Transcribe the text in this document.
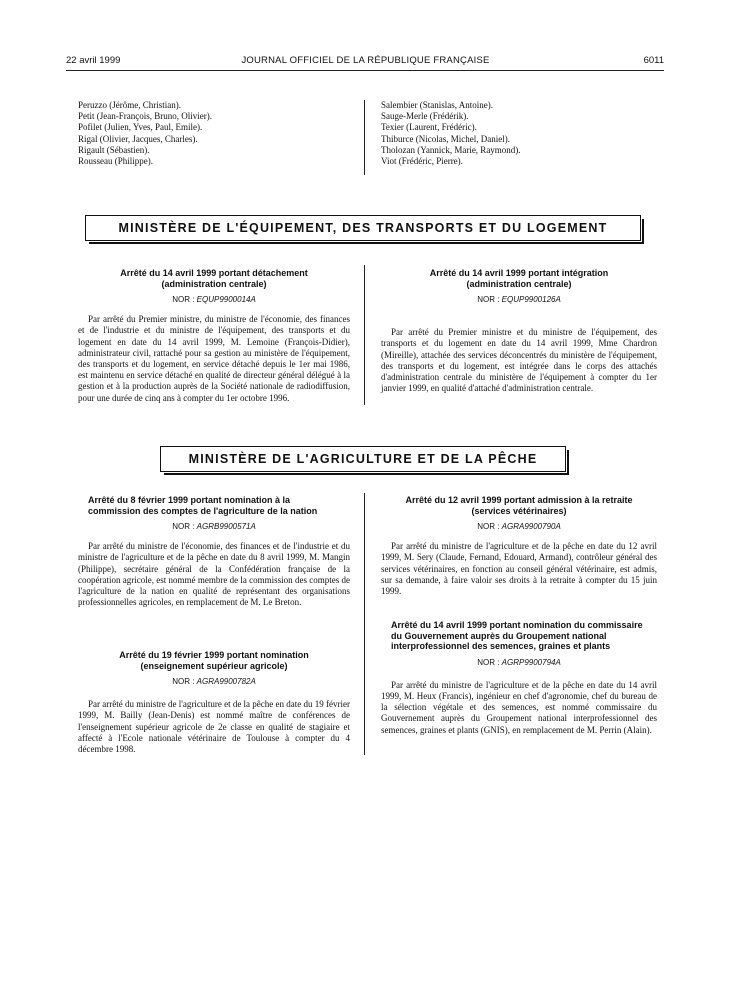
22 avril 1999	JOURNAL OFFICIEL DE LA RÉPUBLIQUE FRANÇAISE	6011
Peruzzo (Jérôme, Christian).
Petit (Jean-François, Bruno, Olivier).
Pofilet (Julien, Yves, Paul, Emile).
Rigal (Olivier, Jacques, Charles).
Rigault (Sébastien).
Rousseau (Philippe).
Salembier (Stanislas, Antoine).
Sauge-Merle (Frédérik).
Texier (Laurent, Frédéric).
Thiburce (Nicolas, Michel, Daniel).
Tholozan (Yannick, Marie, Raymond).
Viot (Frédéric, Pierre).
MINISTÈRE DE L'ÉQUIPEMENT, DES TRANSPORTS ET DU LOGEMENT

Arrêté du 14 avril 1999 portant détachement (administration centrale)

NOR : EQUP9900014A

Par arrêté du Premier ministre, du ministre de l'économie, des finances et de l'industrie et du ministre de l'équipement, des transports et du logement en date du 14 avril 1999, M. Lemoine (François-Didier), administrateur civil, rattaché pour sa gestion au ministère de l'équipement, des transports et du logement, en service détaché depuis le 1er mai 1986, est maintenu en service détaché en qualité de directeur général délégué à la gestion et à la production auprès de la Société nationale de radiodiffusion, pour une durée de cinq ans à compter du 1er octobre 1996.

Arrêté du 14 avril 1999 portant intégration (administration centrale)

NOR : EQUP9900126A

Par arrêté du Premier ministre et du ministre de l'équipement, des transports et du logement en date du 14 avril 1999, Mme Chardron (Mireille), attachée des services déconcentrés du ministère de l'équipement, des transports et du logement, est intégrée dans le corps des attachés d'administration centrale du ministère de l'équipement à compter du 1er janvier 1999, en qualité d'attaché d'administration centrale.

MINISTÈRE DE L'AGRICULTURE ET DE LA PÊCHE

Arrêté du 8 février 1999 portant nomination à la commission des comptes de l'agriculture de la nation

NOR : AGRB9900571A

Par arrêté du ministre de l'économie, des finances et de l'industrie et du ministre de l'agriculture et de la pêche en date du 8 avril 1999, M. Mangin (Philippe), secrétaire général de la Confédération française de la coopération agricole, est nommé membre de la commission des comptes de l'agriculture de la nation en qualité de représentant des organisations professionnelles agricoles, en remplacement de M. Le Breton.

Arrêté du 19 février 1999 portant nomination (enseignement supérieur agricole)

NOR : AGRA9900782A

Par arrêté du ministre de l'agriculture et de la pêche en date du 19 février 1999, M. Bailly (Jean-Denis) est nommé maître de conférences de l'enseignement supérieur agricole de 2e classe en qualité de stagiaire et affecté à l'Ecole nationale vétérinaire de Toulouse à compter du 4 décembre 1998.

Arrêté du 12 avril 1999 portant admission à la retraite (services vétérinaires)

NOR : AGRA9900790A

Par arrêté du ministre de l'agriculture et de la pêche en date du 12 avril 1999, M. Sery (Claude, Fernand, Edouard, Armand), contrôleur général des services vétérinaires, en fonction au conseil général vétérinaire, est admis, sur sa demande, à faire valoir ses droits à la retraite à compter du 15 juin 1999.

Arrêté du 14 avril 1999 portant nomination du commissaire du Gouvernement auprès du Groupement national interprofessionnel des semences, graines et plants

NOR : AGRP9900794A

Par arrêté du ministre de l'agriculture et de la pêche en date du 14 avril 1999, M. Heux (Francis), ingénieur en chef d'agronomie, chef du bureau de la sélection végétale et des semences, est nommé commissaire du Gouvernement auprès du Groupement national interprofessionnel des semences, graines et plants (GNIS), en remplacement de M. Perrin (Alain).
